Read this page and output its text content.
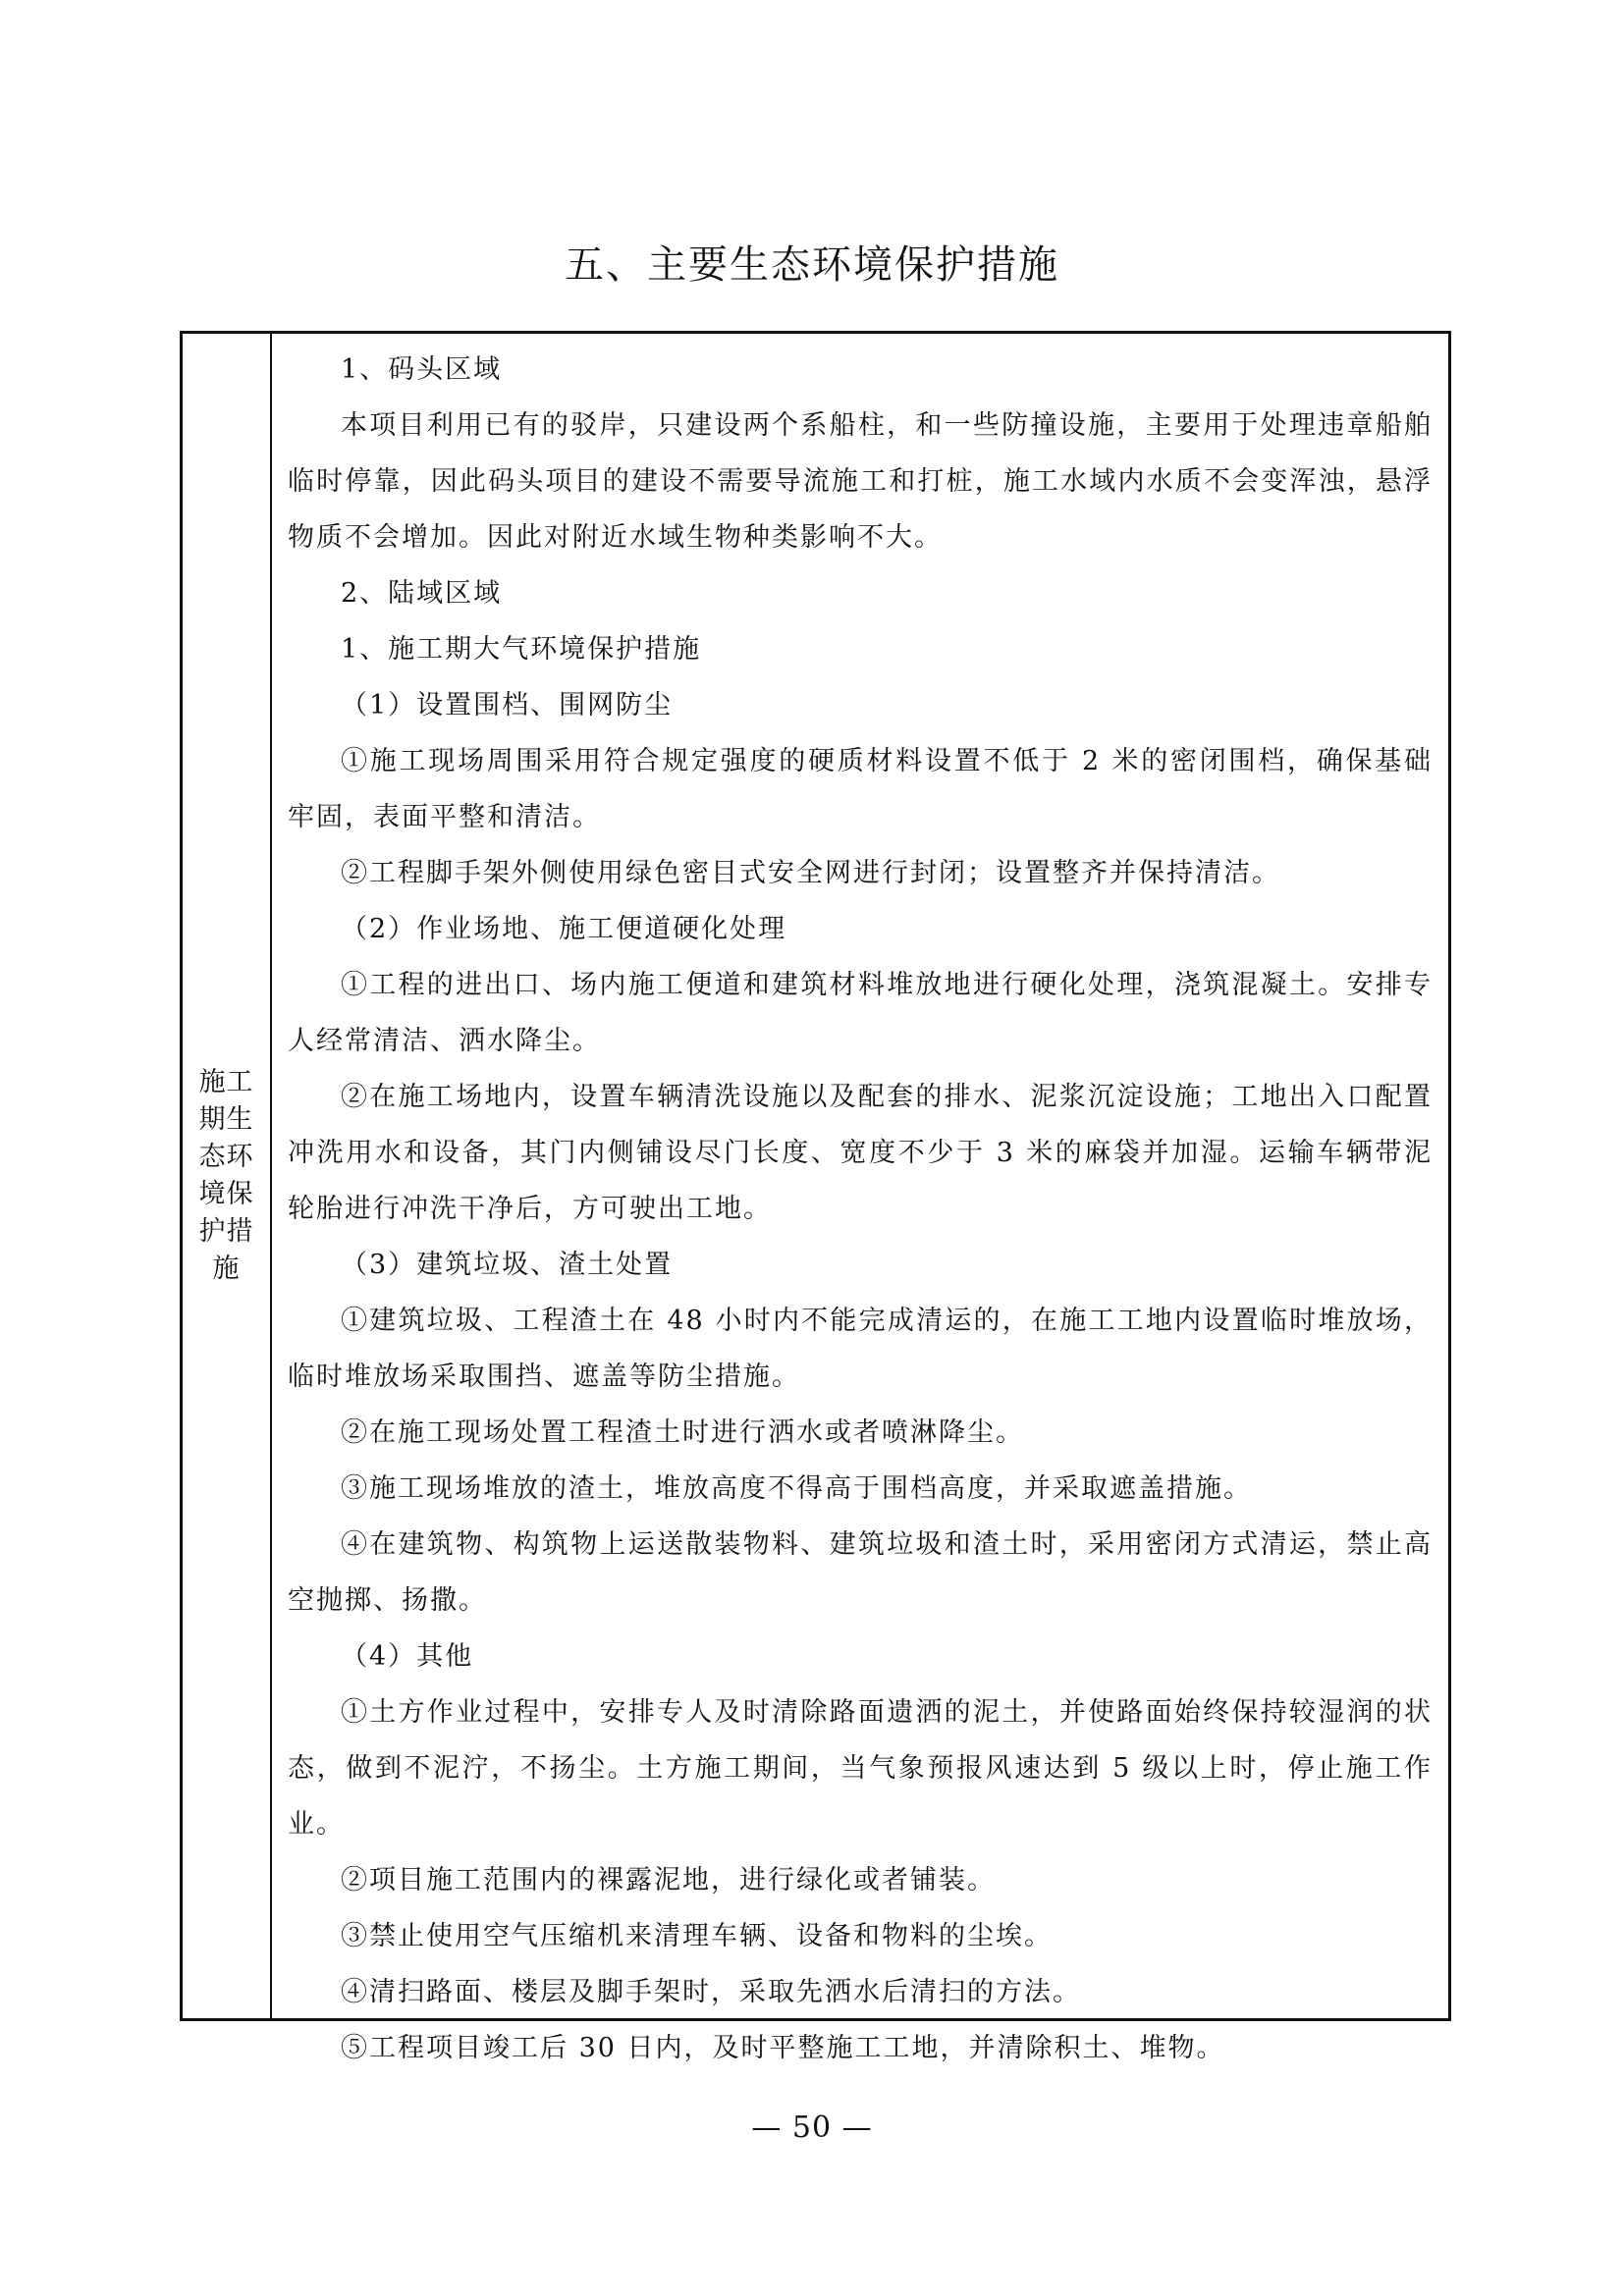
五、主要生态环境保护措施
施工期生态环境保护措施

1、码头区域

本项目利用已有的驳岸，只建设两个系船柱，和一些防撞设施，主要用于处理违章船舶临时停靠，因此码头项目的建设不需要导流施工和打桩，施工水域内水质不会变浑浊，悬浮物质不会增加。因此对附近水域生物种类影响不大。

2、陆域区域

1、施工期大气环境保护措施

（1）设置围档、围网防尘

①施工现场周围采用符合规定强度的硬质材料设置不低于 2 米的密闭围档，确保基础牢固，表面平整和清洁。

②工程脚手架外侧使用绿色密目式安全网进行封闭；设置整齐并保持清洁。

（2）作业场地、施工便道硬化处理

①工程的进出口、场内施工便道和建筑材料堆放地进行硬化处理，浇筑混凝土。安排专人经常清洁、洒水降尘。

②在施工场地内，设置车辆清洗设施以及配套的排水、泥浆沉淀设施；工地出入口配置冲洗用水和设备，其门内侧铺设尽门长度、宽度不少于 3 米的麻袋并加湿。运输车辆带泥轮胎进行冲洗干净后，方可驶出工地。

（3）建筑垃圾、渣土处置

①建筑垃圾、工程渣土在 48 小时内不能完成清运的，在施工工地内设置临时堆放场，临时堆放场采取围挡、遮盖等防尘措施。

②在施工现场处置工程渣土时进行洒水或者喷淋降尘。

③施工现场堆放的渣土，堆放高度不得高于围档高度，并采取遮盖措施。

④在建筑物、构筑物上运送散装物料、建筑垃圾和渣土时，采用密闭方式清运，禁止高空抛掷、扬撒。

（4）其他

①土方作业过程中，安排专人及时清除路面遗洒的泥土，并使路面始终保持较湿润的状态，做到不泥泞，不扬尘。土方施工期间，当气象预报风速达到 5 级以上时，停止施工作业。

②项目施工范围内的裸露泥地，进行绿化或者铺装。

③禁止使用空气压缩机来清理车辆、设备和物料的尘埃。

④清扫路面、楼层及脚手架时，采取先洒水后清扫的方法。

⑤工程项目竣工后 30 日内，及时平整施工工地，并清除积土、堆物。

— 50 —
